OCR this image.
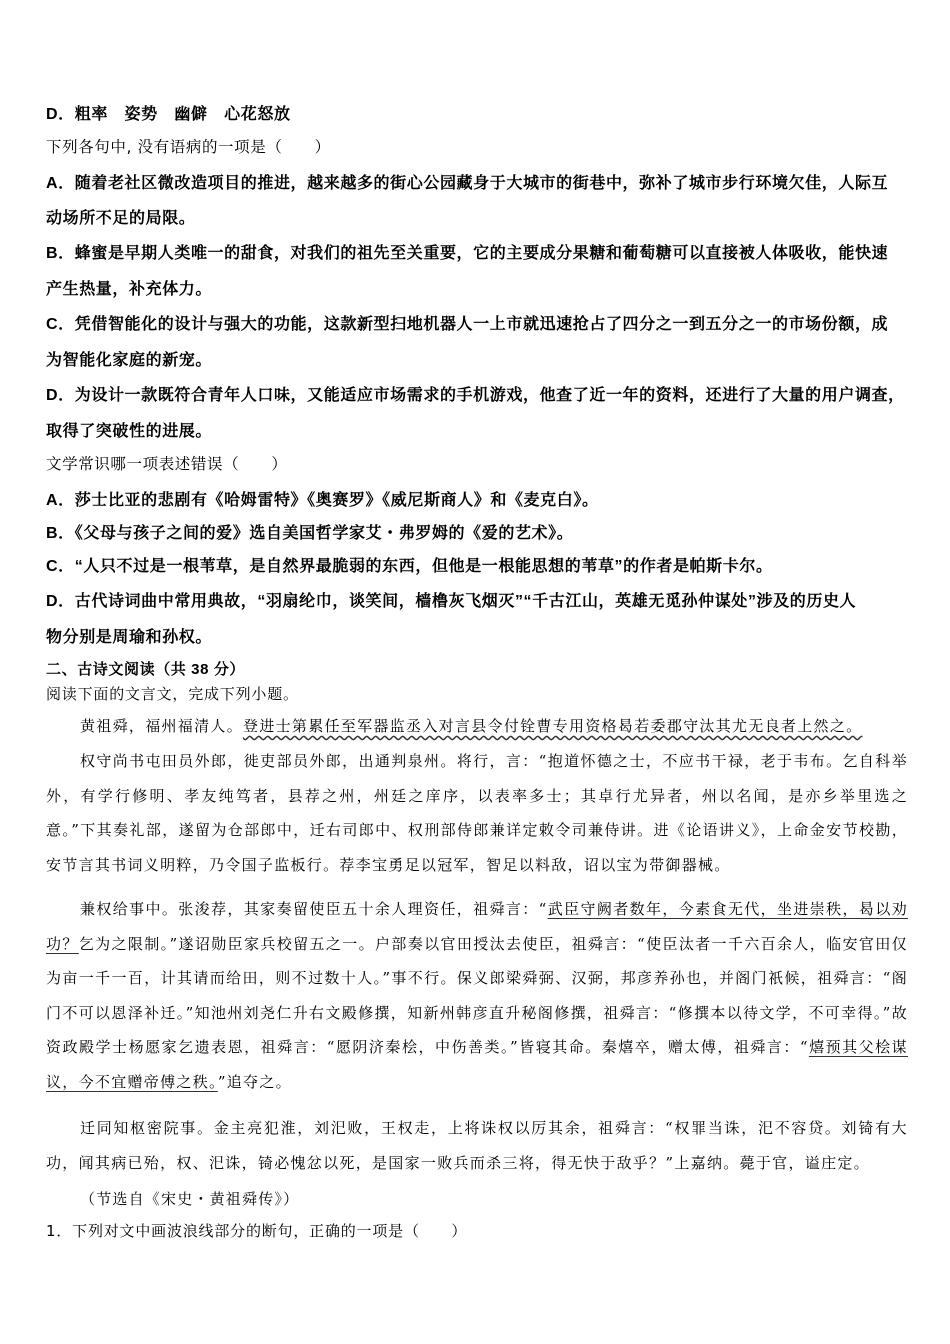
D．粗率　姿势　幽僻　心花怒放
下列各句中, 没有语病的一项是（　　）
A．随着老社区微改造项目的推进，越来越多的街心公园藏身于大城市的街巷中，弥补了城市步行环境欠佳，人际互
动场所不足的局限。
B．蜂蜜是早期人类唯一的甜食，对我们的祖先至关重要，它的主要成分果糖和葡萄糖可以直接被人体吸收，能快速
产生热量，补充体力。
C．凭借智能化的设计与强大的功能，这款新型扫地机器人一上市就迅速抢占了四分之一到五分之一的市场份额，成
为智能化家庭的新宠。
D．为设计一款既符合青年人口味，又能适应市场需求的手机游戏，他查了近一年的资料，还进行了大量的用户调查，
取得了突破性的进展。
文学常识哪一项表述错误（　　）
A．莎士比亚的悲剧有《哈姆雷特》《奥赛罗》《威尼斯商人》和《麦克白》。
B．《父母与孩子之间的爱》选自美国哲学家艾・弗罗姆的《爱的艺术》。
C．“人只不过是一根苇草，是自然界最脆弱的东西，但他是一根能思想的苇草”的作者是帕斯卡尔。
D．古代诗词曲中常用典故，“羽扇纶巾，谈笑间，樯橹灰飞烟灭”“千古江山，英雄无觅孙仲谋处”涉及的历史人
物分别是周瑜和孙权。
二、古诗文阅读（共 38 分）
阅读下面的文言文，完成下列小题。
黄祖舜，福州福清人。登进士第累任至军器监丞入对言县令付铨曹专用资格曷若委郡守汰其尤无良者上然之。
权守尚书屯田员外郎，徙吏部员外郎，出通判泉州。将行，言：“抱道怀德之士，不应书干禄，老于韦布。乞自科举外，有学行修明、孝友纯笃者，县荐之州，州廷之庠序，以表率多士；其卓行尤异者，州以名闻，是亦乡举里选之意。”下其奏礼部，遂留为仓部郎中，迁右司郎中、权刑部侍郎兼详定敕令司兼侍讲。进《论语讲义》，上命金安节校勘，安节言其书词义明粹，乃令国子监板行。荐李宝勇足以冠军，智足以料敌，诏以宝为带御器械。
兼权给事中。张浚荐，其家奏留使臣五十余人理资任，祖舜言：“武臣守阙者数年，今素食无代，坐进崇秩，曷以劝功？乞为之限制。”遂诏勋臣家兵校留五之一。户部奏以官田授汰去使臣，祖舜言：“使臣汰者一千六百余人，临安官田仅为亩一千一百，计其请而给田，则不过数十人。”事不行。保义郎梁舜弼、汉弼，邦彦养孙也，并阁门祇候，祖舜言：“阁门不可以恩泽补迁。”知池州刘尧仁升右文殿修撰，知新州韩彦直升秘阁修撰，祖舜言：“修撰本以待文学，不可幸得。”故资政殿学士杨愿家乞遗表恩，祖舜言：“愿阴济秦桧，中伤善类。”皆寝其命。秦熺卒，赠太傅，祖舜言：“熺预其父桧谋议，今不宜赠帝傅之秩。”追夺之。
迁同知枢密院事。金主亮犯淮，刘汜败，王权走，上将诛权以厉其余，祖舜言：“权罪当诛，汜不容贷。刘锜有大功，闻其病已殆，权、汜诛，锜必愧忿以死，是国家一败兵而杀三将，得无快于敌乎？”上嘉纳。薨于官，谥庄定。
（节选自《宋史・黄祖舜传》）
1．下列对文中画波浪线部分的断句，正确的一项是（　　）
